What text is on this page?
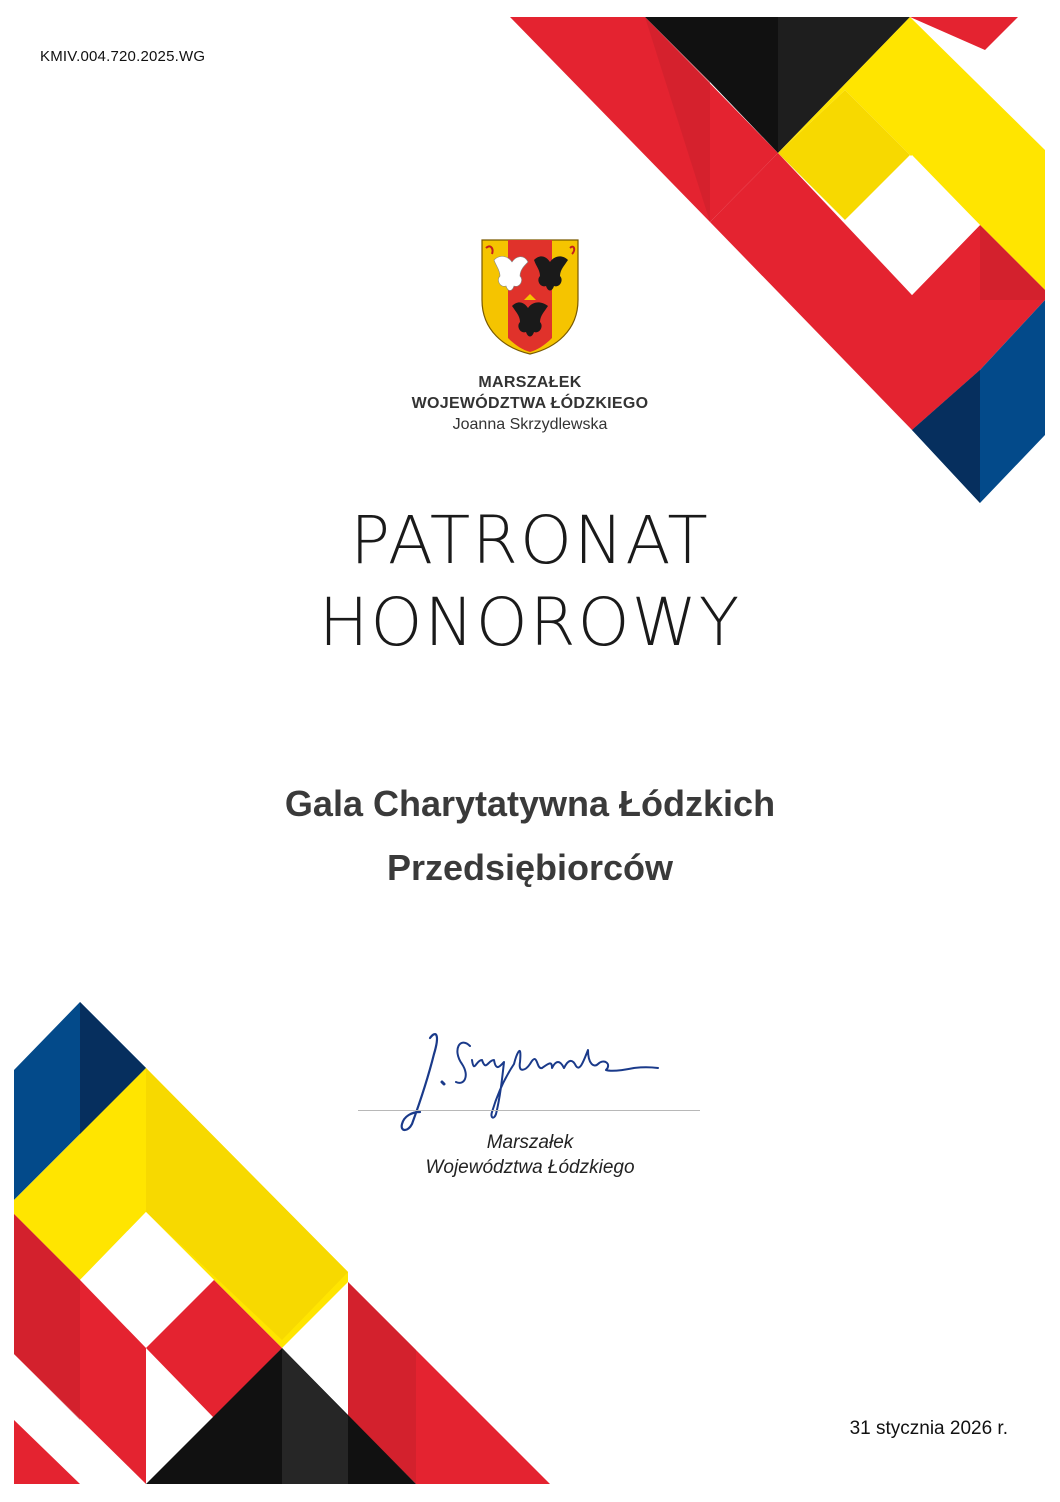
KMIV.004.720.2025.WG
MARSZAŁEK
WOJEWÓDZTWA ŁÓDZKIEGO
Joanna Skrzydlewska
PATRONAT
HONOROWY
Gala Charytatywna Łódzkich
Przedsiębiorców
Marszałek
Województwa Łódzkiego
31 stycznia 2026 r.
